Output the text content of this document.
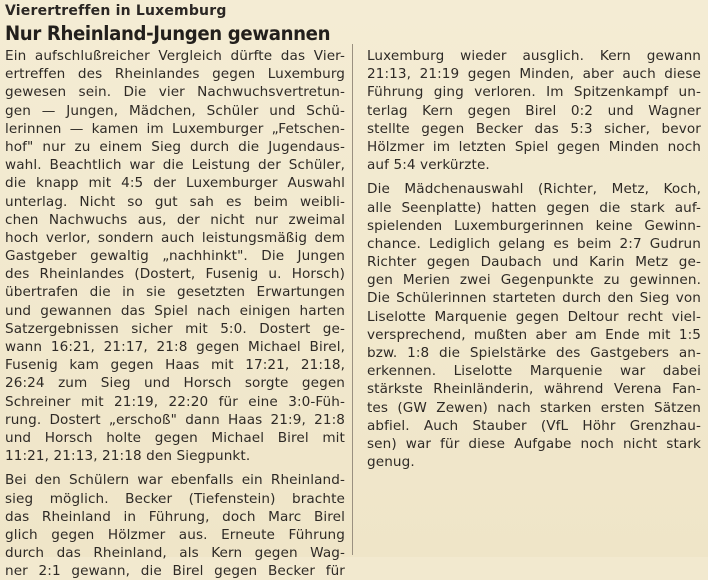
Vierertreffen in Luxemburg
Nur Rheinland-Jungen gewannen
Ein aufschlußreicher Vergleich dürfte das Vier-
ertreffen des Rheinlandes gegen Luxemburg
gewesen sein. Die vier Nachwuchsvertretun-
gen — Jungen, Mädchen, Schüler und Schü-
lerinnen — kamen im Luxemburger „Fetschen-
hof" nur zu einem Sieg durch die Jugendaus-
wahl. Beachtlich war die Leistung der Schüler,
die knapp mit 4:5 der Luxemburger Auswahl
unterlag. Nicht so gut sah es beim weibli-
chen Nachwuchs aus, der nicht nur zweimal
hoch verlor, sondern auch leistungsmäßig dem
Gastgeber gewaltig „nachhinkt". Die Jungen
des Rheinlandes (Dostert, Fusenig u. Horsch)
übertrafen die in sie gesetzten Erwartungen
und gewannen das Spiel nach einigen harten
Satzergebnissen sicher mit 5:0. Dostert ge-
wann 16:21, 21:17, 21:8 gegen Michael Birel,
Fusenig kam gegen Haas mit 17:21, 21:18,
26:24 zum Sieg und Horsch sorgte gegen
Schreiner mit 21:19, 22:20 für eine 3:0-Füh-
rung. Dostert „erschoß" dann Haas 21:9, 21:8
und Horsch holte gegen Michael Birel mit
11:21, 21:13, 21:18 den Siegpunkt.
Bei den Schülern war ebenfalls ein Rheinland-
sieg möglich. Becker (Tiefenstein) brachte
das Rheinland in Führung, doch Marc Birel
glich gegen Hölzmer aus. Erneute Führung
durch das Rheinland, als Kern gegen Wag-
ner 2:1 gewann, die Birel gegen Becker für
Luxemburg wieder ausglich. Kern gewann
21:13, 21:19 gegen Minden, aber auch diese
Führung ging verloren. Im Spitzenkampf un-
terlag Kern gegen Birel 0:2 und Wagner
stellte gegen Becker das 5:3 sicher, bevor
Hölzmer im letzten Spiel gegen Minden noch
auf 5:4 verkürzte.
Die Mädchenauswahl (Richter, Metz, Koch,
alle Seenplatte) hatten gegen die stark auf-
spielenden Luxemburgerinnen keine Gewinn-
chance. Lediglich gelang es beim 2:7 Gudrun
Richter gegen Daubach und Karin Metz ge-
gen Merien zwei Gegenpunkte zu gewinnen.
Die Schülerinnen starteten durch den Sieg von
Liselotte Marquenie gegen Deltour recht viel-
versprechend, mußten aber am Ende mit 1:5
bzw. 1:8 die Spielstärke des Gastgebers an-
erkennen. Liselotte Marquenie war dabei
stärkste Rheinländerin, während Verena Fan-
tes (GW Zewen) nach starken ersten Sätzen
abfiel. Auch Stauber (VfL Höhr Grenzhau-
sen) war für diese Aufgabe noch nicht stark
genug.
